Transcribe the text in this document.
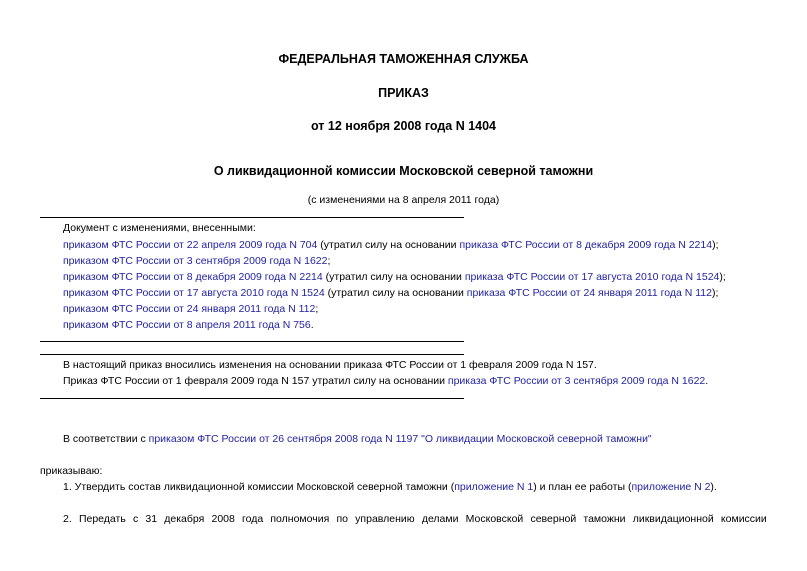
ФЕДЕРАЛЬНАЯ ТАМОЖЕННАЯ СЛУЖБА
ПРИКАЗ
от 12 ноября 2008 года N 1404
О ликвидационной комиссии Московской северной таможни
(с изменениями на 8 апреля 2011 года)
Документ с изменениями, внесенными:
приказом ФТС России от 22 апреля 2009 года N 704 (утратил силу на основании приказа ФТС России от 8 декабря 2009 года N 2214);
приказом ФТС России от 3 сентября 2009 года N 1622;
приказом ФТС России от 8 декабря 2009 года N 2214 (утратил силу на основании приказа ФТС России от 17 августа 2010 года N 1524);
приказом ФТС России от 17 августа 2010 года N 1524 (утратил силу на основании приказа ФТС России от 24 января 2011 года N 112);
приказом ФТС России от 24 января 2011 года N 112;
приказом ФТС России от 8 апреля 2011 года N 756.
В настоящий приказ вносились изменения на основании приказа ФТС России от 1 февраля 2009 года N 157.
Приказ ФТС России от 1 февраля 2009 года N 157 утратил силу на основании приказа ФТС России от 3 сентября 2009 года N 1622.
В соответствии с приказом ФТС России от 26 сентября 2008 года N 1197 "О ликвидации Московской северной таможни"
приказываю:
1. Утвердить состав ликвидационной комиссии Московской северной таможни (приложение N 1) и план ее работы (приложение N 2).
2. Передать с 31 декабря 2008 года полномочия по управлению делами Московской северной таможни ликвидационной комиссии
